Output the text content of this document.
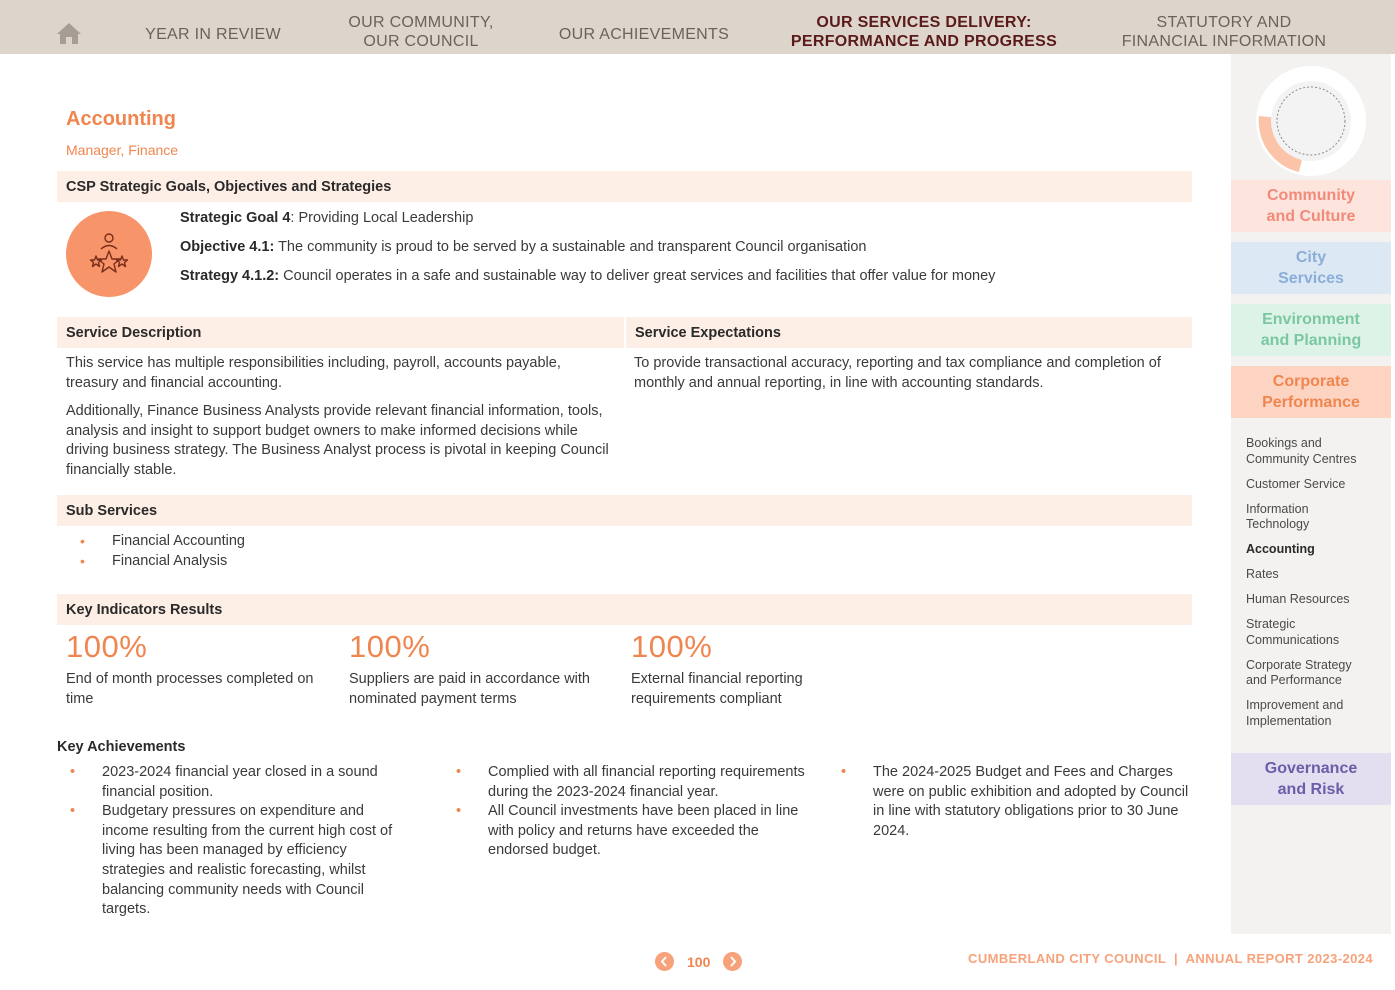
YEAR IN REVIEW
OUR COMMUNITY,
OUR COUNCIL	OUR ACHIEVEMENTS
OUR SERVICES DELIVERY:
PERFORMANCE AND PROGRESS
STATUTORY AND
FINANCIAL INFORMATION
Accounting
Manager, Finance
CSP Strategic Goals, Objectives and Strategies

Strategic Goal 4: Providing Local Leadership

Objective 4.1: The community is proud to be served by a sustainable and transparent Council organisation

Strategy 4.1.2: Council operates in a safe and sustainable way to deliver great services and facilities that offer value for money

Service Description	Service Expectations
This service has multiple responsibilities including, payroll, accounts payable, treasury and financial accounting.
Additionally, Finance Business Analysts provide relevant financial information, tools, analysis and insight to support budget owners to make informed decisions while driving business strategy. The Business Analyst process is pivotal in keeping Council financially stable.
To provide transactional accuracy, reporting and tax compliance and completion of monthly and annual reporting, in line with accounting standards.
Sub Services
• Financial Accounting
• Financial Analysis
Key Indicators Results
100%
End of month processes completed on time
100%
Suppliers are paid in accordance with nominated payment terms
100%
External financial reporting requirements compliant
Key Achievements
• 2023-2024 financial year closed in a sound financial position.
• Budgetary pressures on expenditure and income resulting from the current high cost of living has been managed by efficiency strategies and realistic forecasting, whilst balancing community needs with Council targets.
• Complied with all financial reporting requirements during the 2023-2024 financial year.
• All Council investments have been placed in line with policy and returns have exceeded the endorsed budget.
• The 2024-2025 Budget and Fees and Charges were on public exhibition and adopted by Council in line with statutory obligations prior to 30 June 2024.
Community
and Culture
City
Services
Environment
and Planning
Corporate
Performance
Bookings and
Community Centres
Customer Service
Information
Technology
Accounting
Rates
Human Resources
Strategic
Communications
Corporate Strategy
and Performance
Improvement and
Implementation
Governance
and Risk
100	CUMBERLAND CITY COUNCIL | ANNUAL REPORT 2023-2024
